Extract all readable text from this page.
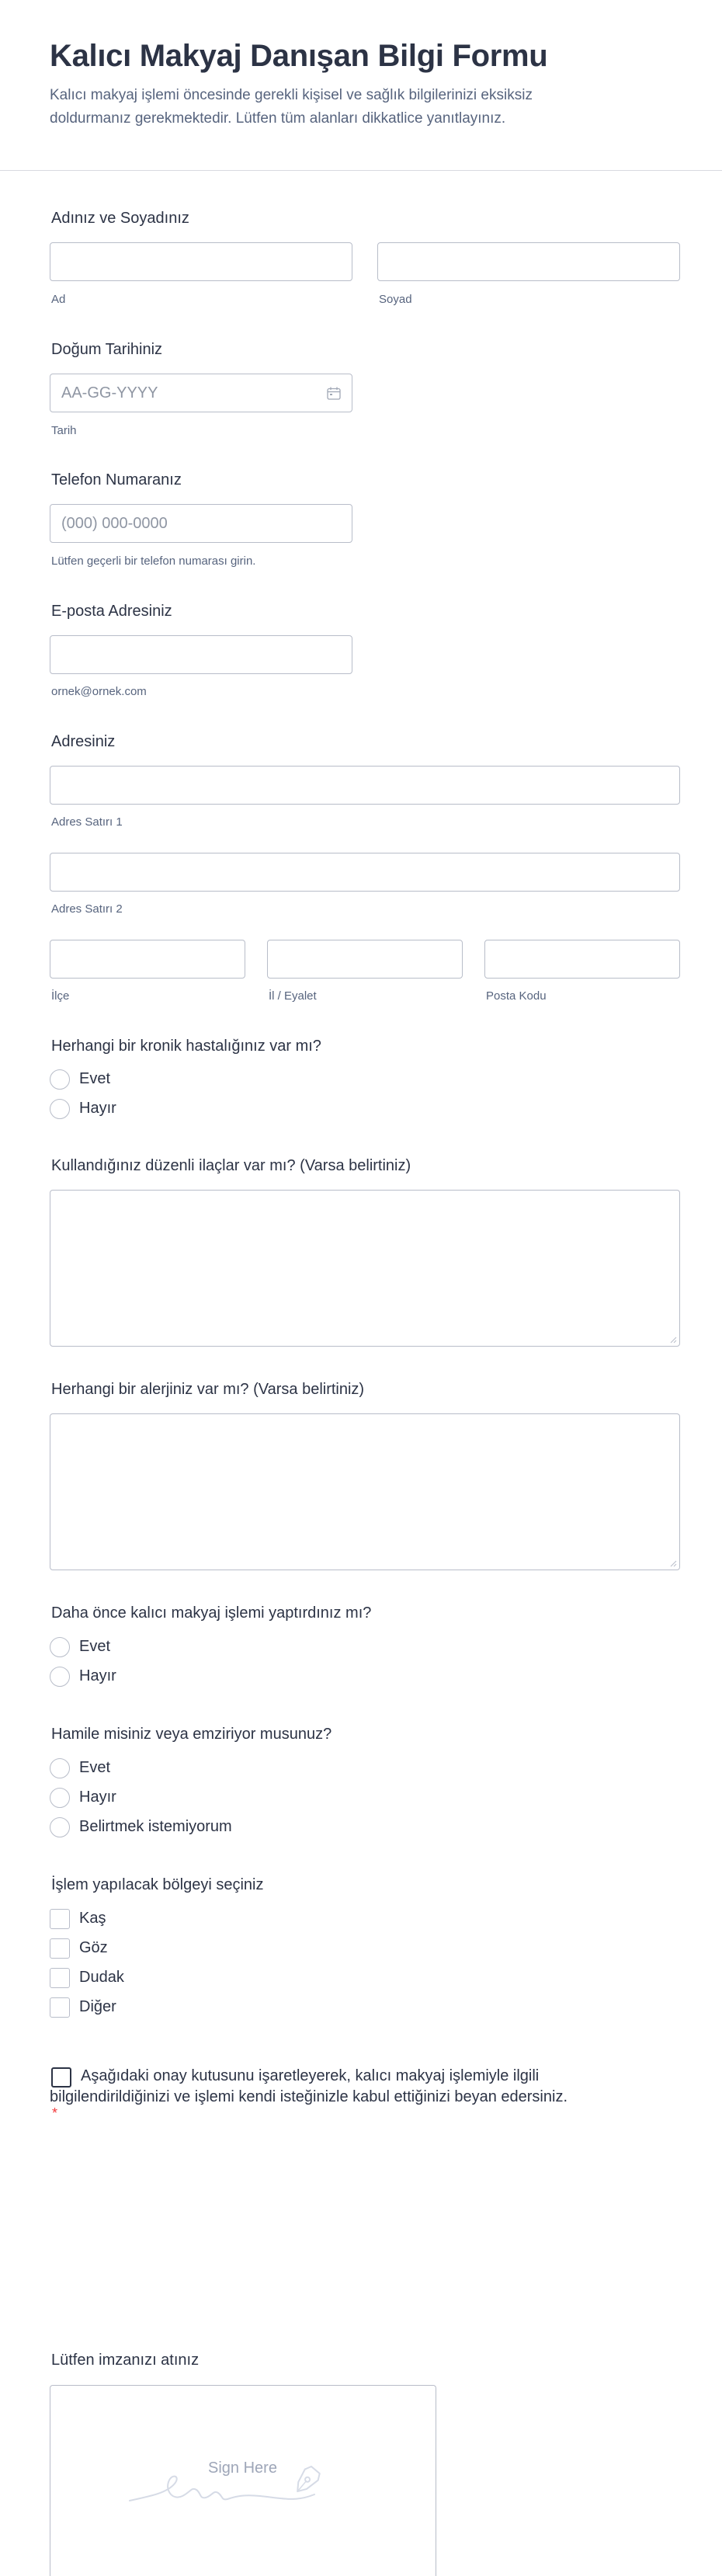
Kalıcı Makyaj Danışan Bilgi Formu
Kalıcı makyaj işlemi öncesinde gerekli kişisel ve sağlık bilgilerinizi eksiksiz doldurmanız gerekmektedir. Lütfen tüm alanları dikkatlice yanıtlayınız.
Adınız ve Soyadınız
Ad	Soyad
Doğum Tarihiniz
AA-GG-YYYY
Tarih
Telefon Numaranız
(000) 000-0000
Lütfen geçerli bir telefon numarası girin.
E-posta Adresiniz
ornek@ornek.com
Adresiniz
Adres Satırı 1
Adres Satırı 2
İlçe	İl / Eyalet	Posta Kodu
Herhangi bir kronik hastalığınız var mı?
Evet
Hayır
Kullandığınız düzenli ilaçlar var mı? (Varsa belirtiniz)
Herhangi bir alerjiniz var mı? (Varsa belirtiniz)
Daha önce kalıcı makyaj işlemi yaptırdınız mı?
Evet
Hayır
Hamile misiniz veya emziriyor musunuz?
Evet
Hayır
Belirtmek istemiyorum
İşlem yapılacak bölgeyi seçiniz
Kaş
Göz
Dudak
Diğer
Aşağıdaki onay kutusunu işaretleyerek, kalıcı makyaj işlemiyle ilgili bilgilendirildiğinizi ve işlemi kendi isteğinizle kabul ettiğinizi beyan edersiniz.
*
Lütfen imzanızı atınız
Sign Here
